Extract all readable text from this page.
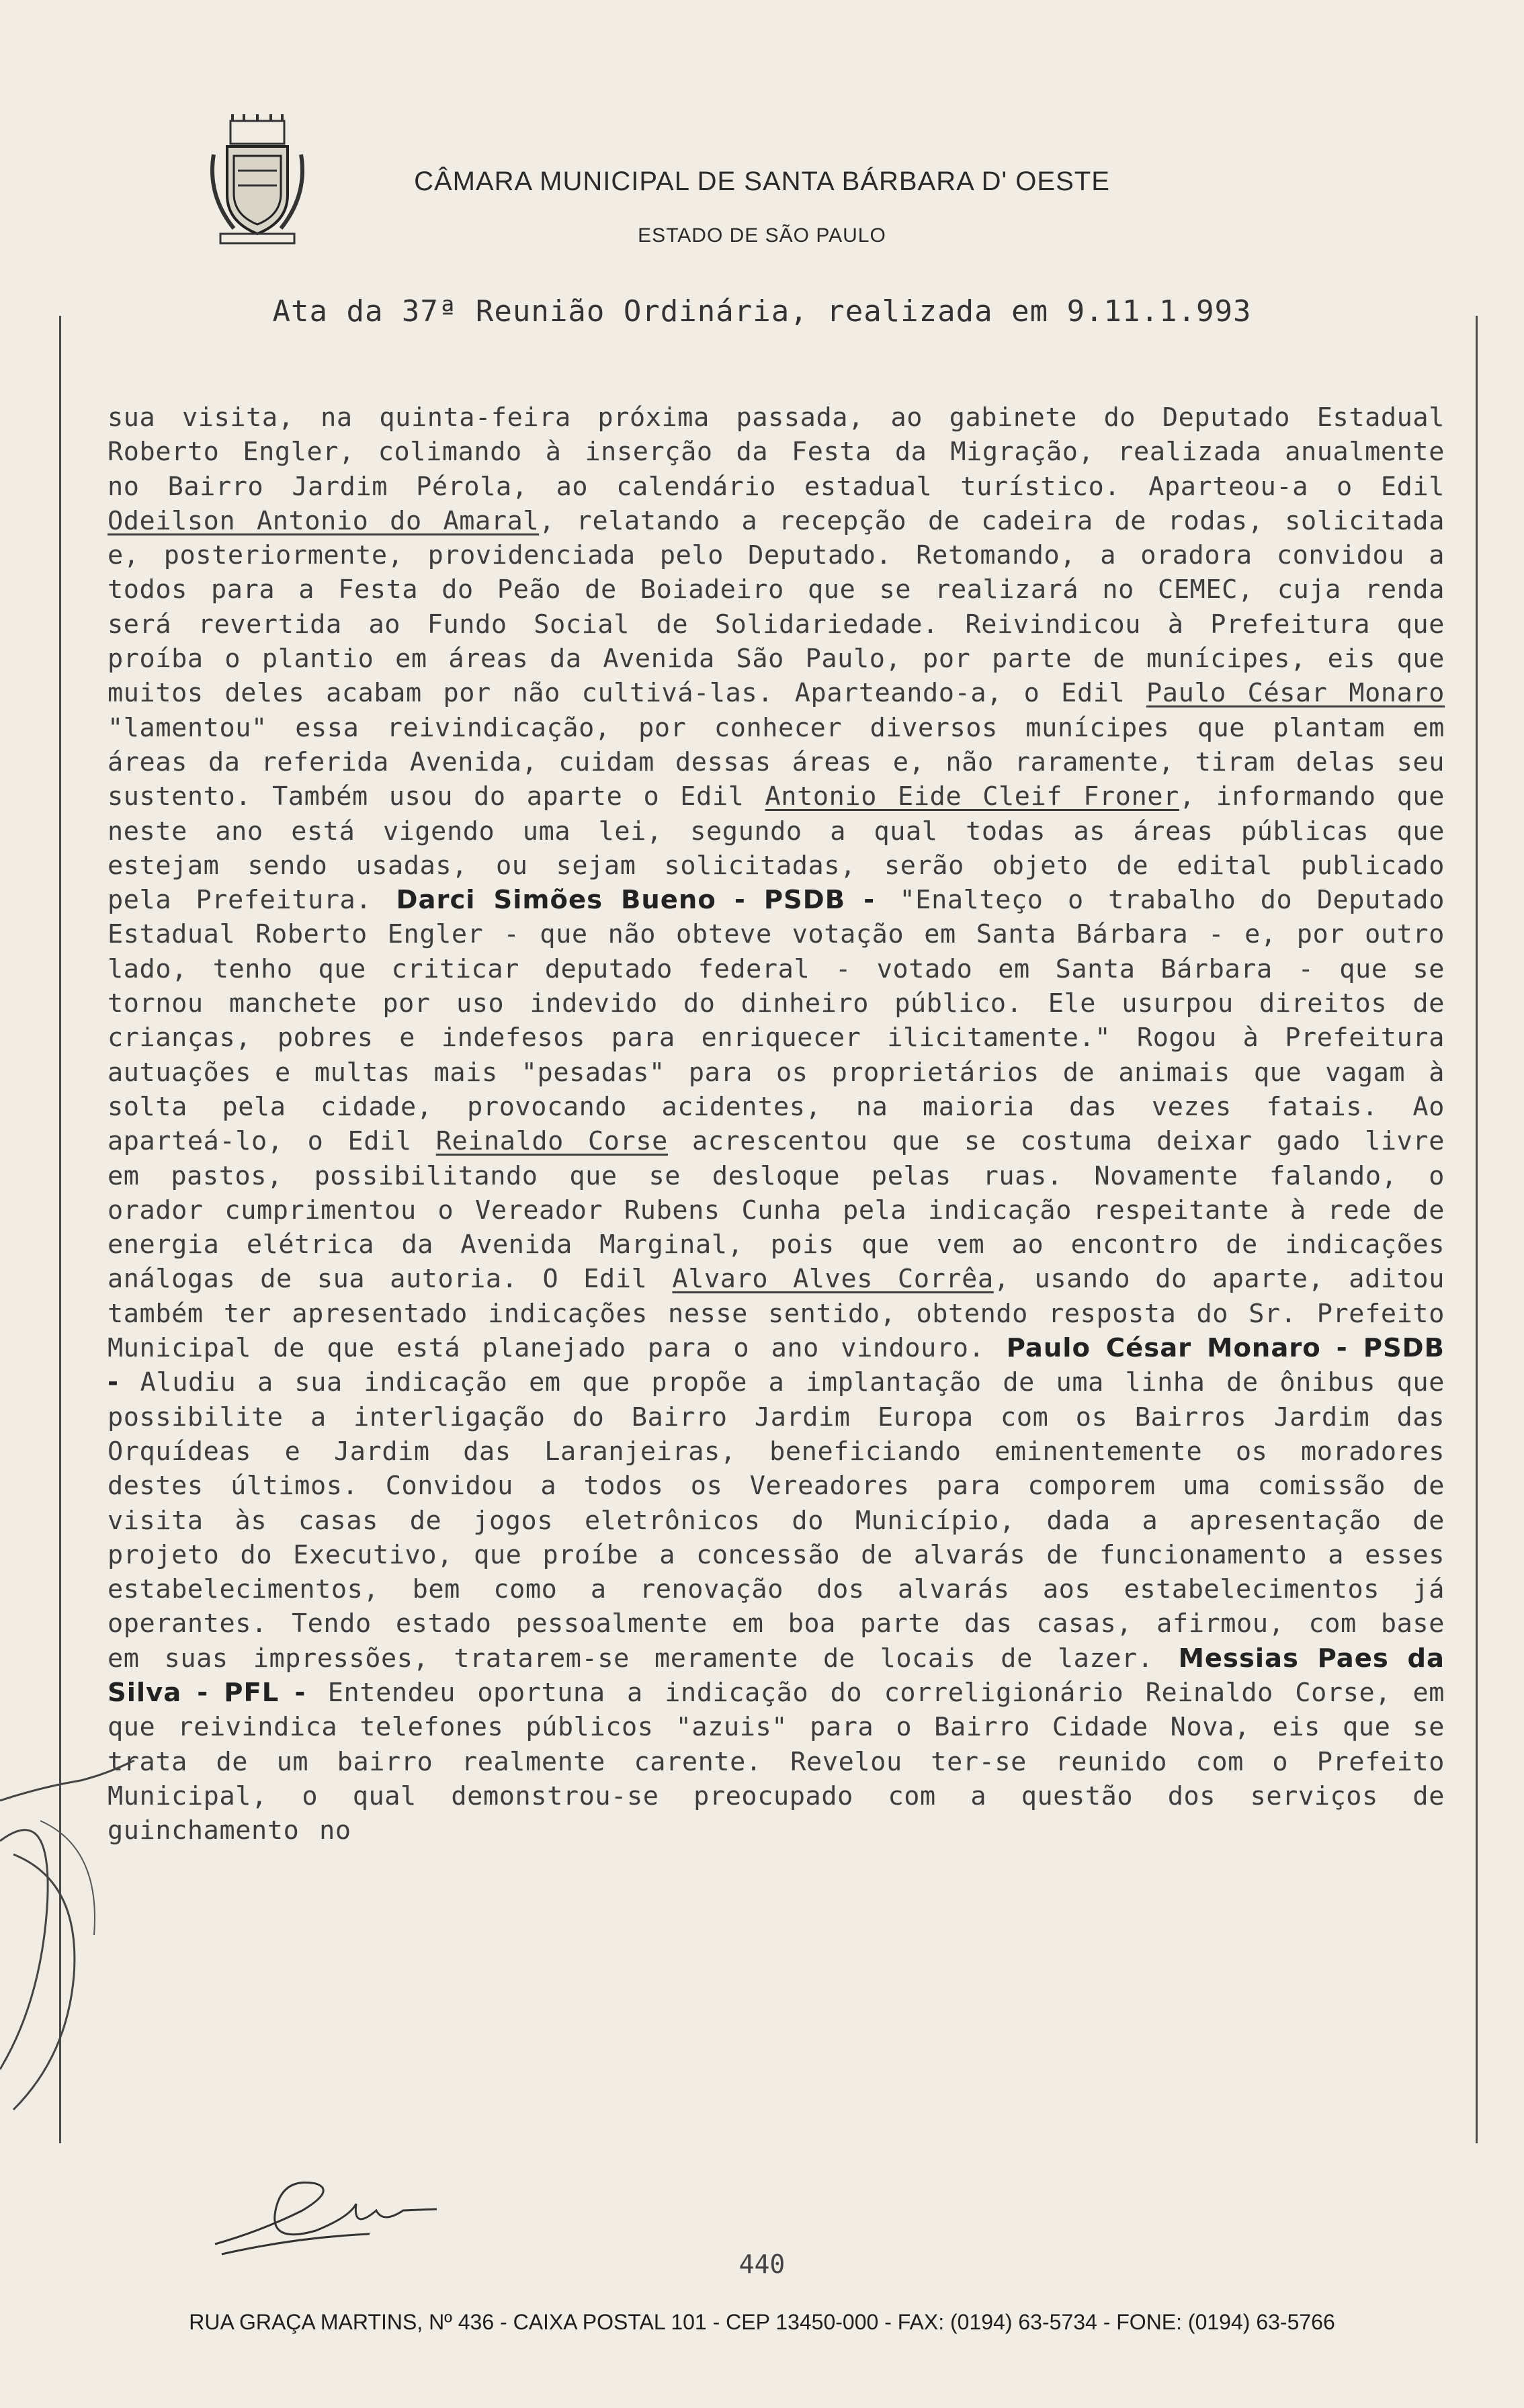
CÂMARA MUNICIPAL DE SANTA BÁRBARA D' OESTE
ESTADO DE SÃO PAULO
Ata da 37ª Reunião Ordinária, realizada em 9.11.1.993
sua visita, na quinta-feira próxima passada, ao gabinete do Deputado Estadual Roberto Engler, colimando à inserção da Festa da Migração, realizada anualmente no Bairro Jardim Pérola, ao calendário estadual turístico. Aparteou-a o Edil Odeilson Antonio do Amaral, relatando a recepção de cadeira de rodas, solicitada e, posteriormente, providenciada pelo Deputado. Retomando, a oradora convidou a todos para a Festa do Peão de Boiadeiro que se realizará no CEMEC, cuja renda será revertida ao Fundo Social de Solidariedade. Reivindicou à Prefeitura que proíba o plantio em áreas da Avenida São Paulo, por parte de munícipes, eis que muitos deles acabam por não cultivá-las. Aparteando-a, o Edil Paulo César Monaro "lamentou" essa reivindicação, por conhecer diversos munícipes que plantam em áreas da referida Avenida, cuidam dessas áreas e, não raramente, tiram delas seu sustento. Também usou do aparte o Edil Antonio Eide Cleif Froner, informando que neste ano está vigendo uma lei, segundo a qual todas as áreas públicas que estejam sendo usadas, ou sejam solicitadas, serão objeto de edital publicado pela Prefeitura. Darci Simões Bueno - PSDB - "Enalteço o trabalho do Deputado Estadual Roberto Engler - que não obteve votação em Santa Bárbara - e, por outro lado, tenho que criticar deputado federal - votado em Santa Bárbara - que se tornou manchete por uso indevido do dinheiro público. Ele usurpou direitos de crianças, pobres e indefesos para enriquecer ilicitamente." Rogou à Prefeitura autuações e multas mais "pesadas" para os proprietários de animais que vagam à solta pela cidade, provocando acidentes, na maioria das vezes fatais. Ao aparteá-lo, o Edil Reinaldo Corse acrescentou que se costuma deixar gado livre em pastos, possibilitando que se desloque pelas ruas. Novamente falando, o orador cumprimentou o Vereador Rubens Cunha pela indicação respeitante à rede de energia elétrica da Avenida Marginal, pois que vem ao encontro de indicações análogas de sua autoria. O Edil Alvaro Alves Corrêa, usando do aparte, aditou também ter apresentado indicações nesse sentido, obtendo resposta do Sr. Prefeito Municipal de que está planejado para o ano vindouro. Paulo César Monaro - PSDB - Aludiu a sua indicação em que propõe a implantação de uma linha de ônibus que possibilite a interligação do Bairro Jardim Europa com os Bairros Jardim das Orquídeas e Jardim das Laranjeiras, beneficiando eminentemente os moradores destes últimos. Convidou a todos os Vereadores para comporem uma comissão de visita às casas de jogos eletrônicos do Município, dada a apresentação de projeto do Executivo, que proíbe a concessão de alvarás de funcionamento a esses estabelecimentos, bem como a renovação dos alvarás aos estabelecimentos já operantes. Tendo estado pessoalmente em boa parte das casas, afirmou, com base em suas impressões, tratarem-se meramente de locais de lazer. Messias Paes da Silva - PFL - Entendeu oportuna a indicação do correligionário Reinaldo Corse, em que reivindica telefones públicos "azuis" para o Bairro Cidade Nova, eis que se trata de um bairro realmente carente. Revelou ter-se reunido com o Prefeito Municipal, o qual demonstrou-se preocupado com a questão dos serviços de guinchamento no
440
RUA GRAÇA MARTINS, Nº 436 - CAIXA POSTAL 101 - CEP 13450-000 - FAX: (0194) 63-5734 - FONE: (0194) 63-5766
